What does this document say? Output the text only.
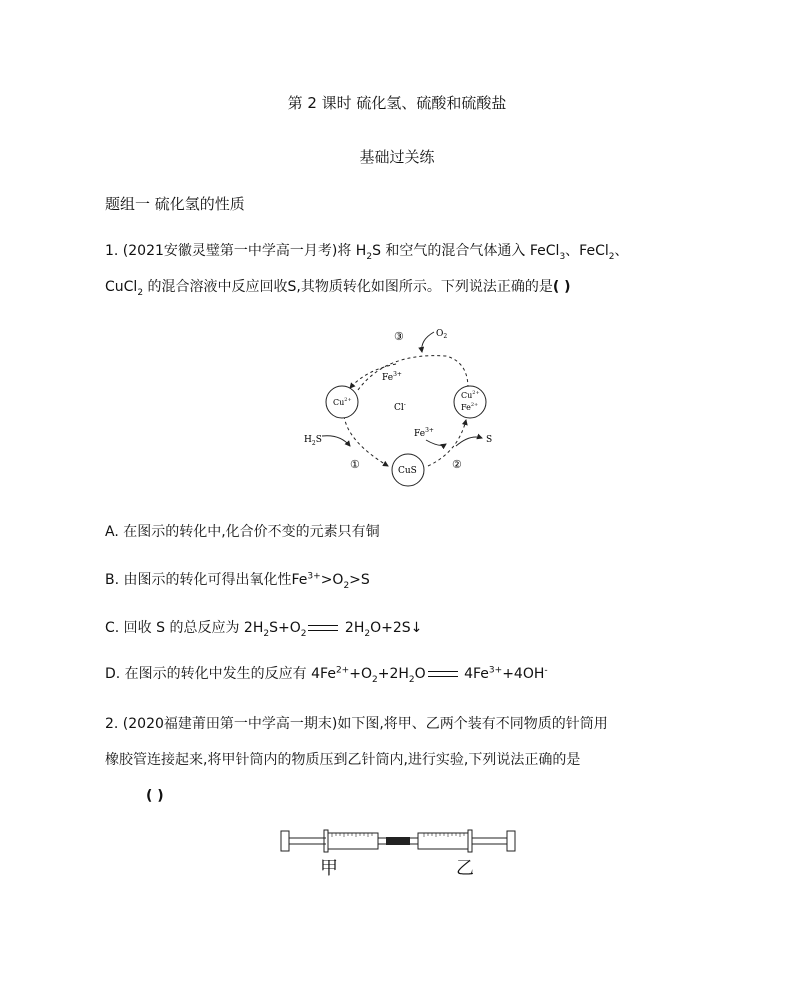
第 2 课时 硫化氢、硫酸和硫酸盐
基础过关练
题组一 硫化氢的性质
1. (2021安徽灵璧第一中学高一月考)将 $H_2S$ 和空气的混合气体通入 FeCl$_3$、FeCl$_2$、
CuCl$_2$ 的混合溶液中反应回收S,其物质转化如图所示。下列说法正确的是( )
③	$O_2$
$Fe^{3+}$
$Cu^{2+}$
Cl-
$Cu^{2+}$
$Fe^{2+}$
$H_2S$
①
$Fe^{3+}$
CuS	②
S
A. 在图示的转化中,化合价不变的元素只有铜
B. 由图示的转化可得出氧化性$Fe^{3+}>O_2>S$
C. 回收 S 的总反应为 $2H_2S+O_2$ $2H_2O+2S↓$
D. 在图示的转化中发生的反应有 $4Fe^{2+}+O_2+2H_2O$ $4Fe^{3+}+4OH^-$
2. (2020福建莆田第一中学高一期末)如下图,将甲、乙两个装有不同物质的针筒用
橡胶管连接起来,将甲针筒内的物质压到乙针筒内,进行实验,下列说法正确的是
( )
甲	乙
